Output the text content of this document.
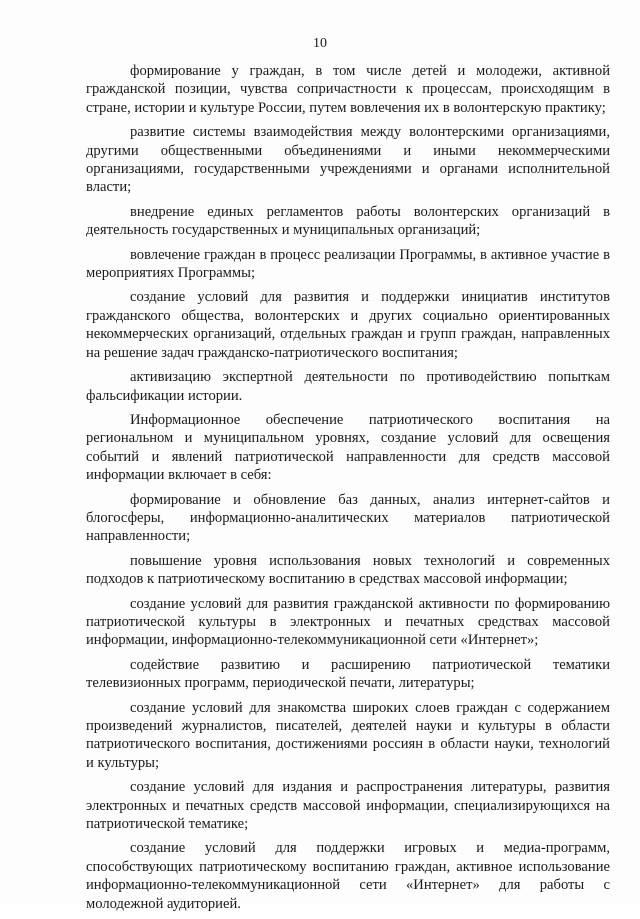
10

формирование у граждан, в том числе детей и молодежи, активной гражданской позиции, чувства сопричастности к процессам, происходящим в стране, истории и культуре России, путем вовлечения их в волонтерскую практику;

развитие системы взаимодействия между волонтерскими организациями, другими общественными объединениями и иными некоммерческими организациями, государственными учреждениями и органами исполнительной власти;

внедрение единых регламентов работы волонтерских организаций в деятельность государственных и муниципальных организаций;

вовлечение граждан в процесс реализации Программы, в активное участие в мероприятиях Программы;

создание условий для развития и поддержки инициатив институтов гражданского общества, волонтерских и других социально ориентированных некоммерческих организаций, отдельных граждан и групп граждан, направленных на решение задач гражданско-патриотического воспитания;

активизацию экспертной деятельности по противодействию попыткам фальсификации истории.

Информационное обеспечение патриотического воспитания на региональном и муниципальном уровнях, создание условий для освещения событий и явлений патриотической направленности для средств массовой информации включает в себя:

формирование и обновление баз данных, анализ интернет-сайтов и блогосферы, информационно-аналитических материалов патриотической направленности;

повышение уровня использования новых технологий и современных подходов к патриотическому воспитанию в средствах массовой информации;

создание условий для развития гражданской активности по формированию патриотической культуры в электронных и печатных средствах массовой информации, информационно-телекоммуникационной сети «Интернет»;

содействие развитию и расширению патриотической тематики телевизионных программ, периодической печати, литературы;

создание условий для знакомства широких слоев граждан с содержанием произведений журналистов, писателей, деятелей науки и культуры в области патриотического воспитания, достижениями россиян в области науки, технологий и культуры;

создание условий для издания и распространения литературы, развития электронных и печатных средств массовой информации, специализирующихся на патриотической тематике;

создание условий для поддержки игровых и медиа-программ, способствующих патриотическому воспитанию граждан, активное использование информационно-телекоммуникационной сети «Интернет» для работы с молодежной аудиторией.
